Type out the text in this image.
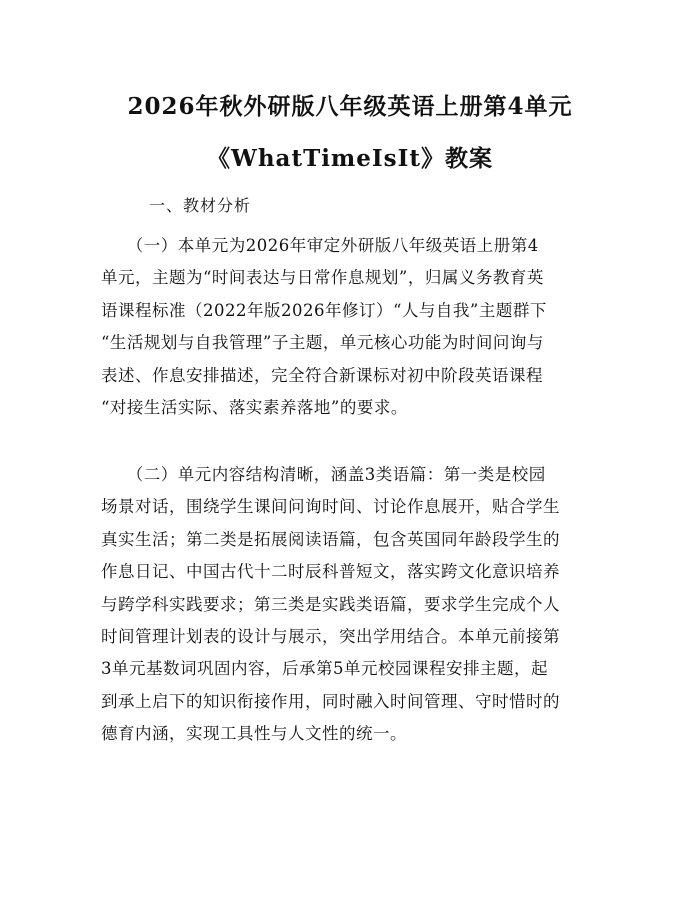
2026年秋外研版八年级英语上册第4单元
《WhatTimeIsIt》教案
一、教材分析
　　（一）本单元为2026年审定外研版八年级英语上册第4
单元，主题为“时间表达与日常作息规划”，归属义务教育英
语课程标准（2022年版2026年修订）“人与自我”主题群下
“生活规划与自我管理”子主题，单元核心功能为时间问询与
表述、作息安排描述，完全符合新课标对初中阶段英语课程
“对接生活实际、落实素养落地”的要求。
　　（二）单元内容结构清晰，涵盖3类语篇：第一类是校园
场景对话，围绕学生课间问询时间、讨论作息展开，贴合学生
真实生活；第二类是拓展阅读语篇，包含英国同年龄段学生的
作息日记、中国古代十二时辰科普短文，落实跨文化意识培养
与跨学科实践要求；第三类是实践类语篇，要求学生完成个人
时间管理计划表的设计与展示，突出学用结合。本单元前接第
3单元基数词巩固内容，后承第5单元校园课程安排主题，起
到承上启下的知识衔接作用，同时融入时间管理、守时惜时的
德育内涵，实现工具性与人文性的统一。
